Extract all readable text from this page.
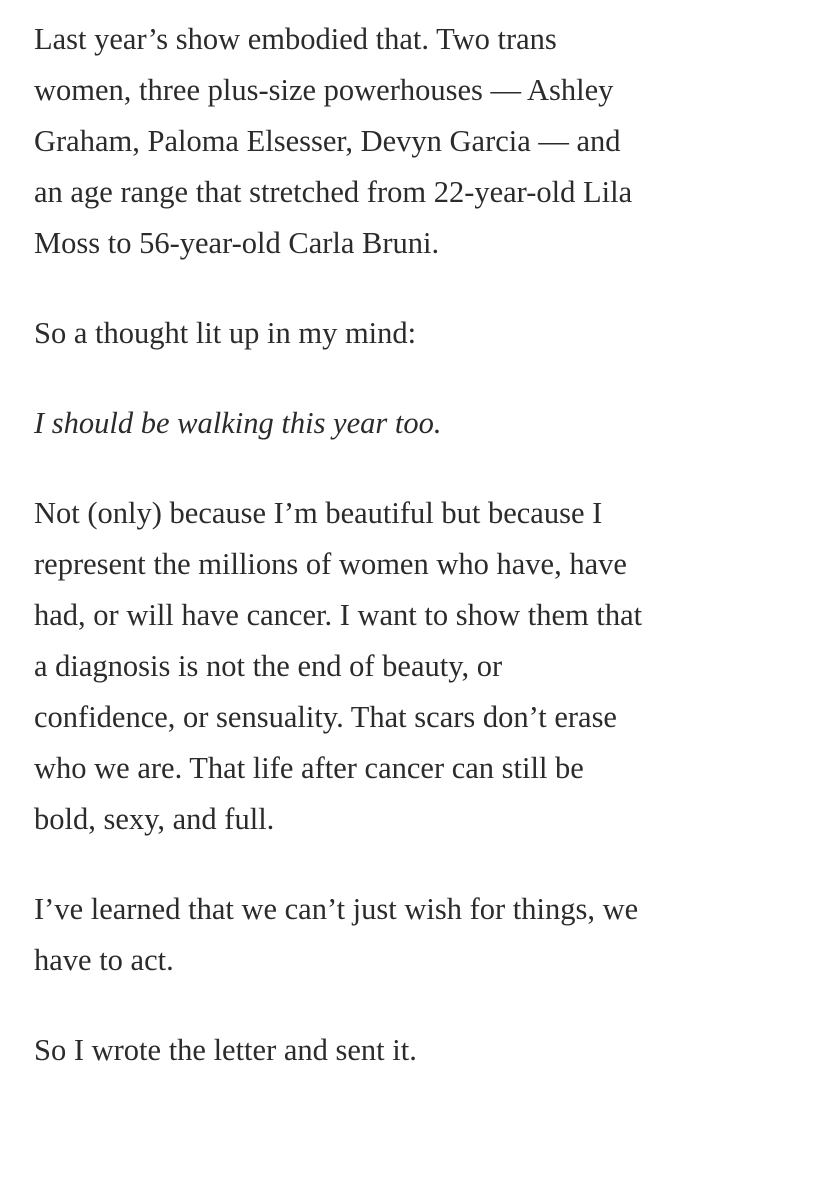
Last year’s show embodied that. Two trans
women, three plus-size powerhouses — Ashley
Graham, Paloma Elsesser, Devyn Garcia — and
an age range that stretched from 22-year-old Lila
Moss to 56-year-old Carla Bruni.

So a thought lit up in my mind:

I should be walking this year too.

Not (only) because I’m beautiful but because I
represent the millions of women who have, have
had, or will have cancer. I want to show them that
a diagnosis is not the end of beauty, or
confidence, or sensuality. That scars don’t erase
who we are. That life after cancer can still be
bold, sexy, and full.

I’ve learned that we can’t just wish for things, we
have to act.

So I wrote the letter and sent it.
